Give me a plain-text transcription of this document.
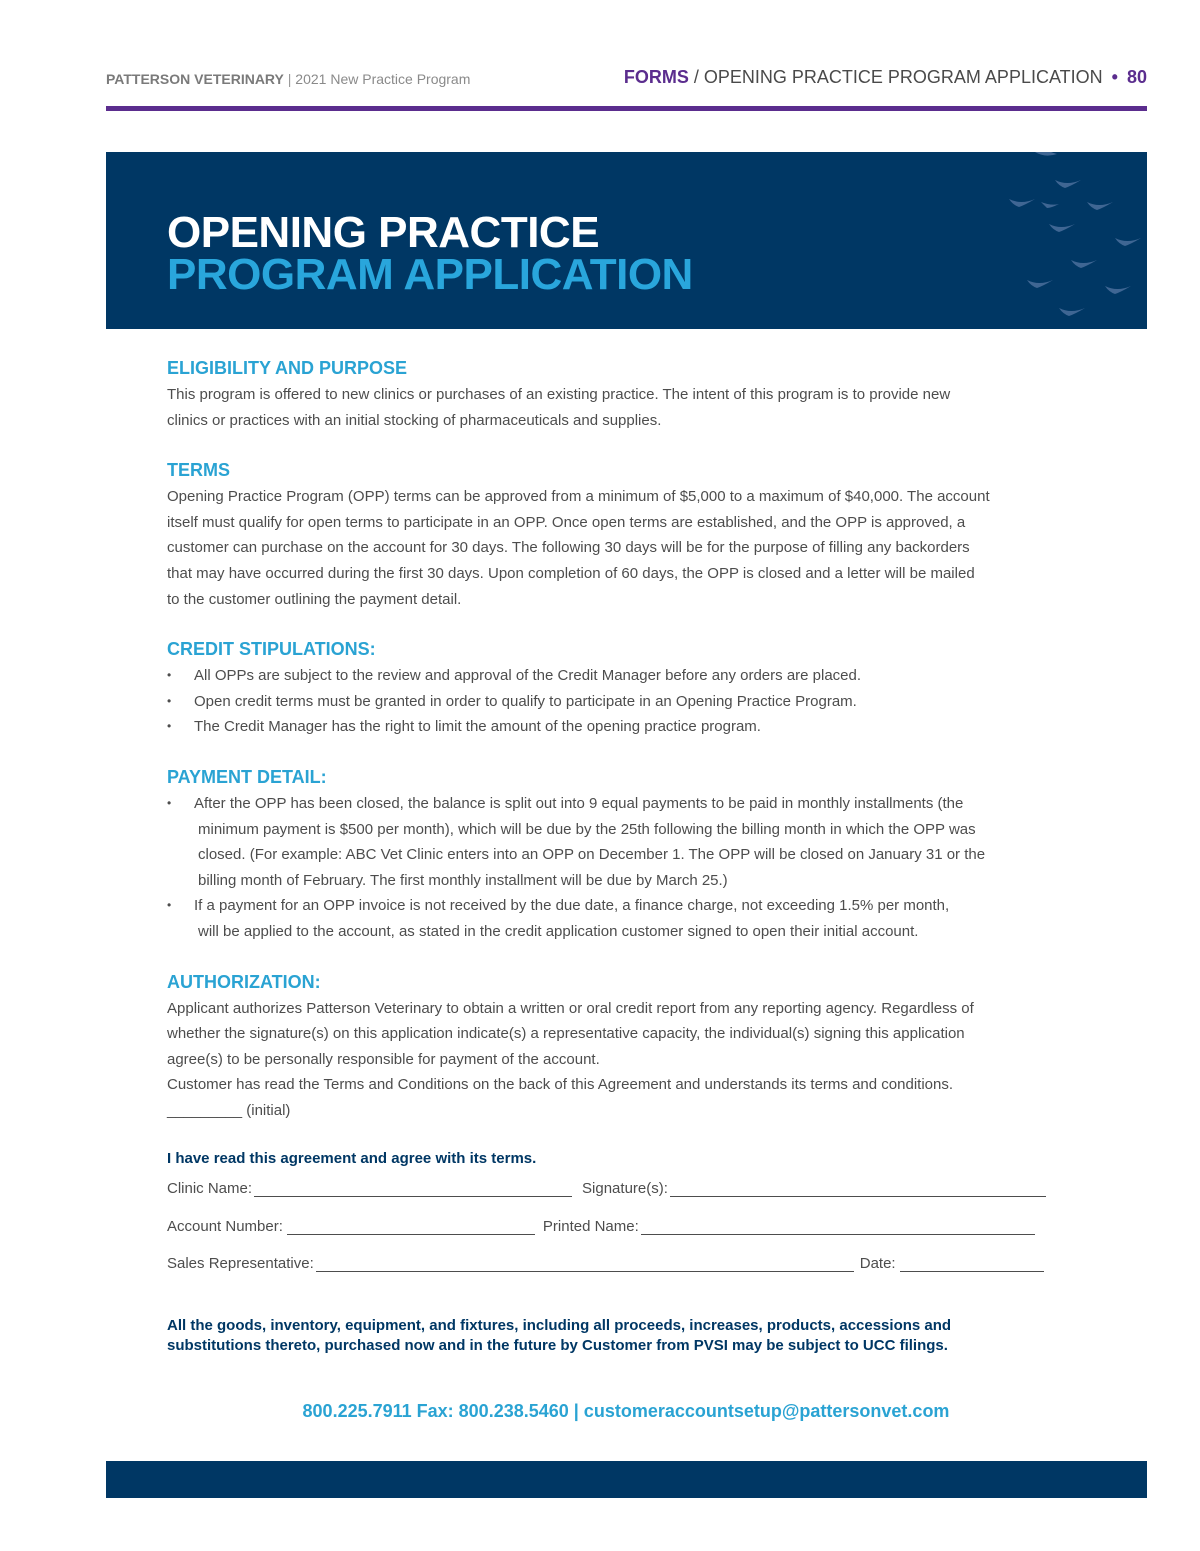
PATTERSON VETERINARY | 2021 New Practice Program	FORMS / OPENING PRACTICE PROGRAM APPLICATION • 80
OPENING PRACTICE
PROGRAM APPLICATION
ELIGIBILITY AND PURPOSE
This program is offered to new clinics or purchases of an existing practice. The intent of this program is to provide new
clinics or practices with an initial stocking of pharmaceuticals and supplies.
TERMS
Opening Practice Program (OPP) terms can be approved from a minimum of $5,000 to a maximum of $40,000. The account
itself must qualify for open terms to participate in an OPP. Once open terms are established, and the OPP is approved, a
customer can purchase on the account for 30 days. The following 30 days will be for the purpose of filling any backorders
that may have occurred during the first 30 days. Upon completion of 60 days, the OPP is closed and a letter will be mailed
to the customer outlining the payment detail.
CREDIT STIPULATIONS:
• All OPPs are subject to the review and approval of the Credit Manager before any orders are placed.
• Open credit terms must be granted in order to qualify to participate in an Opening Practice Program.
• The Credit Manager has the right to limit the amount of the opening practice program.
PAYMENT DETAIL:
• After the OPP has been closed, the balance is split out into 9 equal payments to be paid in monthly installments (the
minimum payment is $500 per month), which will be due by the 25th following the billing month in which the OPP was
closed. (For example: ABC Vet Clinic enters into an OPP on December 1. The OPP will be closed on January 31 or the
billing month of February. The first monthly installment will be due by March 25.)
• If a payment for an OPP invoice is not received by the due date, a finance charge, not exceeding 1.5% per month,
will be applied to the account, as stated in the credit application customer signed to open their initial account.
AUTHORIZATION:
Applicant authorizes Patterson Veterinary to obtain a written or oral credit report from any reporting agency. Regardless of
whether the signature(s) on this application indicate(s) a representative capacity, the individual(s) signing this application
agree(s) to be personally responsible for payment of the account.
Customer has read the Terms and Conditions on the back of this Agreement and understands its terms and conditions.
_________ (initial)
I have read this agreement and agree with its terms.
Clinic Name:	Signature(s):
Account Number:	Printed Name:
Sales Representative:	Date:
All the goods, inventory, equipment, and fixtures, including all proceeds, increases, products, accessions and
substitutions thereto, purchased now and in the future by Customer from PVSI may be subject to UCC filings.
800.225.7911 Fax: 800.238.5460 | customeraccountsetup@pattersonvet.com
